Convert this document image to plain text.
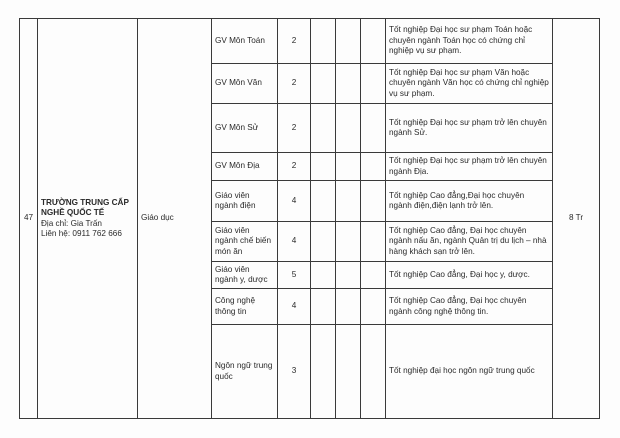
47	TRƯỜNG TRUNG CẤP NGHỀ QUỐC TẾ
Địa chỉ: Gia Trấn
Liên hệ: 0911 762 666	Giáo dục	GV Môn Toán	2				Tốt nghiệp Đại học sư phạm Toán hoặc chuyên ngành Toán học có chứng chỉ nghiệp vụ sư phạm.	8 Tr
			GV Môn Văn	2				Tốt nghiệp Đại học sư phạm Văn hoặc chuyên ngành Văn học có chứng chỉ nghiệp vụ sư phạm.	
			GV Môn Sử	2				Tốt nghiệp Đại học sư phạm trở lên chuyên ngành Sử.	
			GV Môn Địa	2				Tốt nghiệp Đại học sư phạm trở lên chuyên ngành Địa.	
			Giáo viên ngành điện	4				Tốt nghiệp Cao đẳng,Đại học chuyên ngành điện,điện lạnh trở lên.	
			Giáo viên ngành chế biến món ăn	4				Tốt nghiệp Cao đẳng, Đại học chuyên ngành nấu ăn, ngành Quản trị du lịch – nhà hàng khách sạn trở lên.	
			Giáo viên ngành y, dược	5				Tốt nghiệp Cao đẳng, Đại học y, dược.	
			Công nghệ thông tin	4				Tốt nghiệp Cao đẳng, Đại học chuyên ngành công nghệ thông tin.	
			Ngôn ngữ trung quốc	3				Tốt nghiệp đại học ngôn ngữ trung quốc	
